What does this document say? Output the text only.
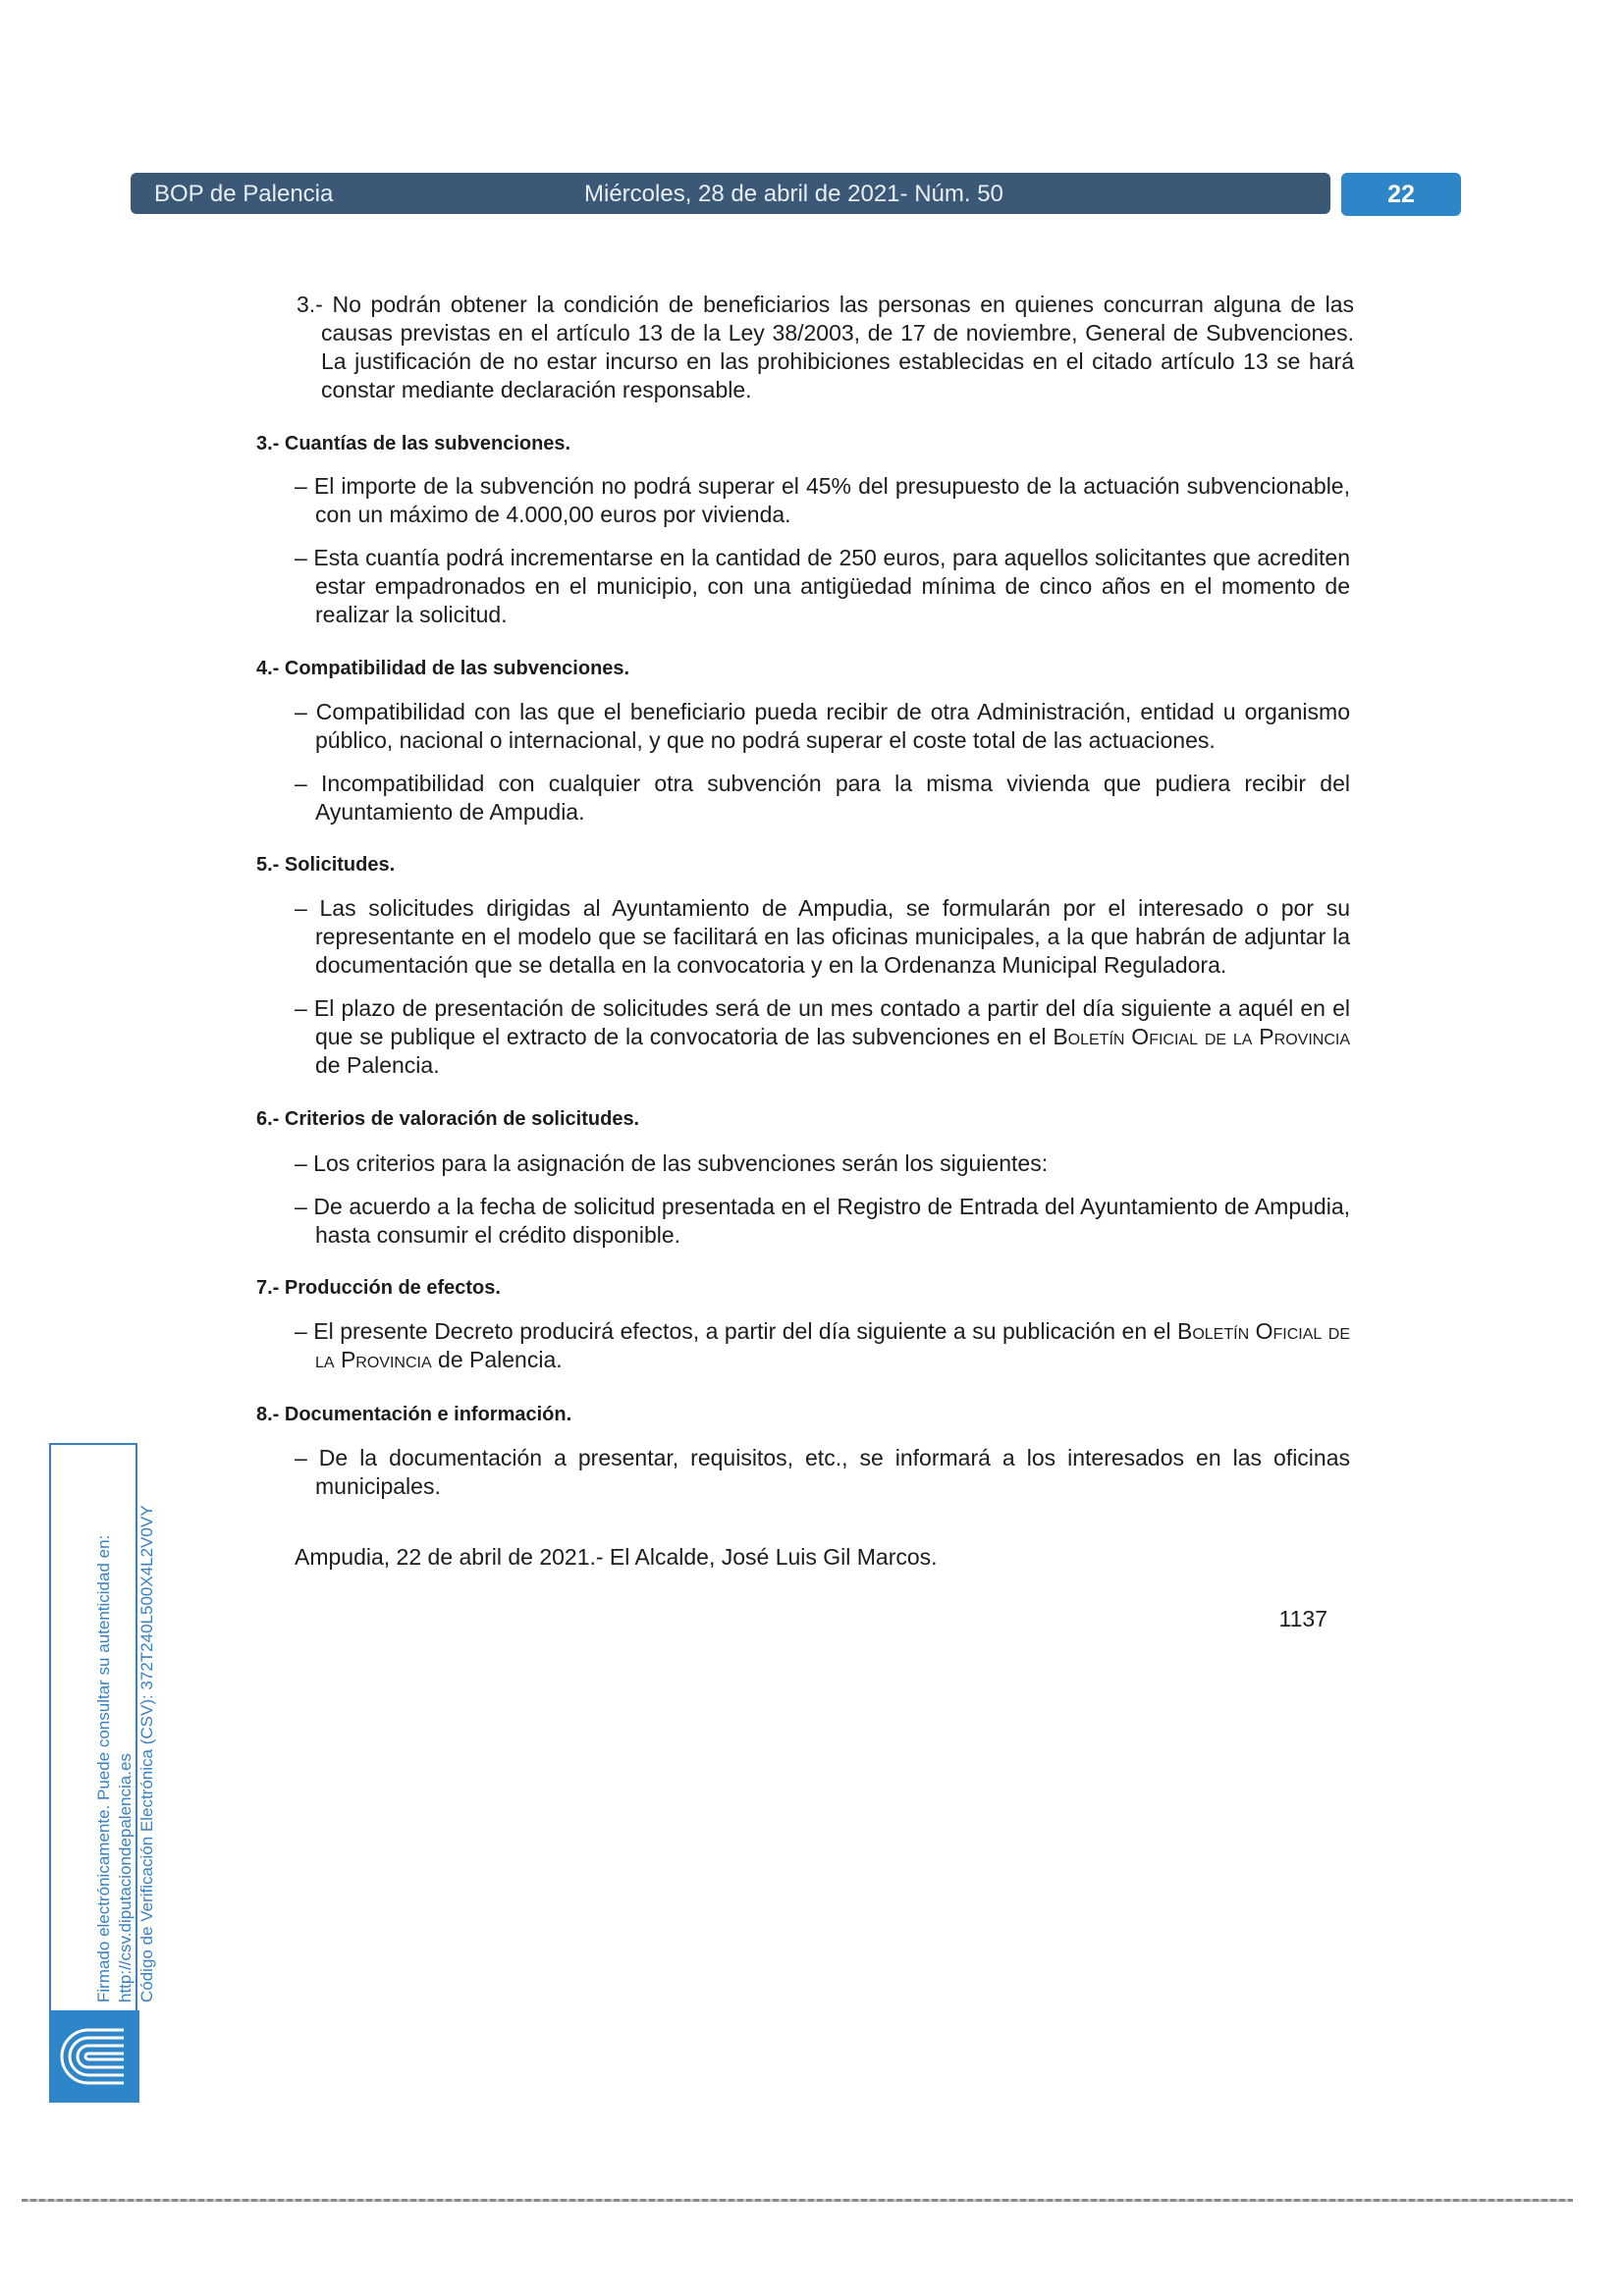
BOP de Palencia	Miércoles, 28 de abril de 2021- Núm. 50	22
3.- No podrán obtener la condición de beneficiarios las personas en quienes concurran alguna de las causas previstas en el artículo 13 de la Ley 38/2003, de 17 de noviembre, General de Subvenciones. La justificación de no estar incurso en las prohibiciones establecidas en el citado artículo 13 se hará constar mediante declaración responsable.
3.- Cuantías de las subvenciones.
– El importe de la subvención no podrá superar el 45% del presupuesto de la actuación subvencionable, con un máximo de 4.000,00 euros por vivienda.
– Esta cuantía podrá incrementarse en la cantidad de 250 euros, para aquellos solicitantes que acrediten estar empadronados en el municipio, con una antigüedad mínima de cinco años en el momento de realizar la solicitud.
4.- Compatibilidad de las subvenciones.
– Compatibilidad con las que el beneficiario pueda recibir de otra Administración, entidad u organismo público, nacional o internacional, y que no podrá superar el coste total de las actuaciones.
– Incompatibilidad con cualquier otra subvención para la misma vivienda que pudiera recibir del Ayuntamiento de Ampudia.
5.- Solicitudes.
– Las solicitudes dirigidas al Ayuntamiento de Ampudia, se formularán por el interesado o por su representante en el modelo que se facilitará en las oficinas municipales, a la que habrán de adjuntar la documentación que se detalla en la convocatoria y en la Ordenanza Municipal Reguladora.
– El plazo de presentación de solicitudes será de un mes contado a partir del día siguiente a aquél en el que se publique el extracto de la convocatoria de las subvenciones en el Boletín Oficial de la Provincia de Palencia.
6.- Criterios de valoración de solicitudes.
– Los criterios para la asignación de las subvenciones serán los siguientes:
– De acuerdo a la fecha de solicitud presentada en el Registro de Entrada del Ayuntamiento de Ampudia, hasta consumir el crédito disponible.
7.- Producción de efectos.
– El presente Decreto producirá efectos, a partir del día siguiente a su publicación en el Boletín Oficial de la Provincia de Palencia.
8.- Documentación e información.
– De la documentación a presentar, requisitos, etc., se informará a los interesados en las oficinas municipales.
Ampudia, 22 de abril de 2021.- El Alcalde, José Luis Gil Marcos.
1137
Firmado electrónicamente. Puede consultar su autenticidad en: http://csv.diputaciondepalencia.es Código de Verificación Electrónica (CSV): 372T240L500X4L2V0VY
